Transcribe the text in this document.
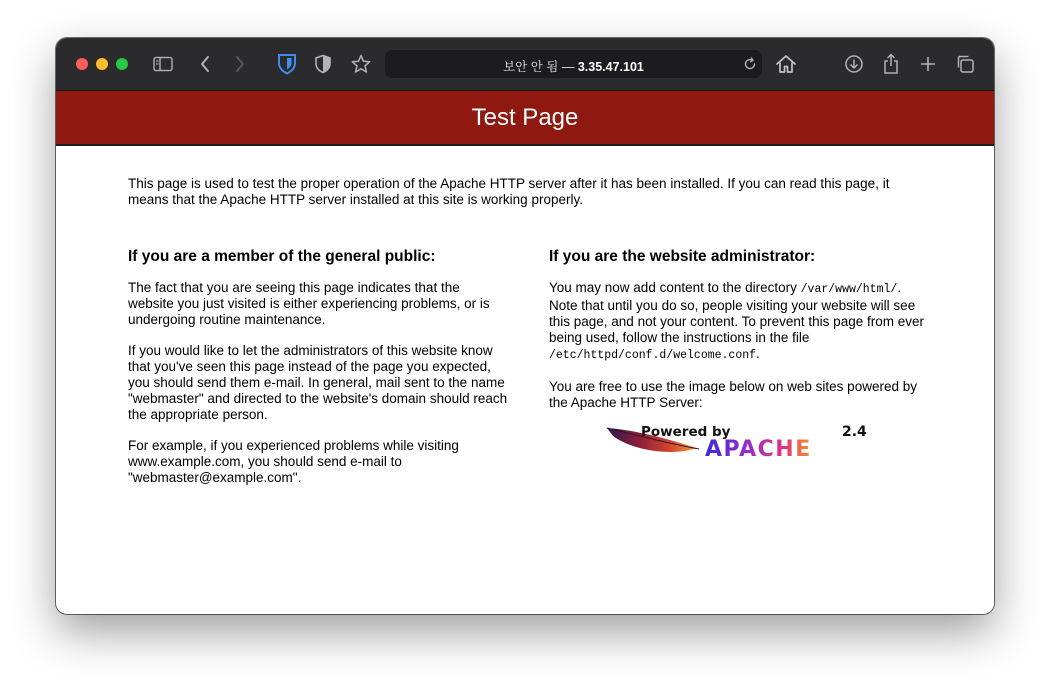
보안 안 됨 — 3.35.47.101
Test Page

This page is used to test the proper operation of the Apache HTTP server after it has been installed. If you can read this page, it means that the Apache HTTP server installed at this site is working properly.

If you are a member of the general public:

The fact that you are seeing this page indicates that the website you just visited is either experiencing problems, or is undergoing routine maintenance.

If you would like to let the administrators of this website know that you've seen this page instead of the page you expected, you should send them e-mail. In general, mail sent to the name "webmaster" and directed to the website's domain should reach the appropriate person.

For example, if you experienced problems while visiting www.example.com, you should send e-mail to "webmaster@example.com".

If you are the website administrator:

You may now add content to the directory /var/www/html/. Note that until you do so, people visiting your website will see this page, and not your content. To prevent this page from ever being used, follow the instructions in the file /etc/httpd/conf.d/welcome.conf.

You are free to use the image below on web sites powered by the Apache HTTP Server:

Powered by	2.4
APACHE
